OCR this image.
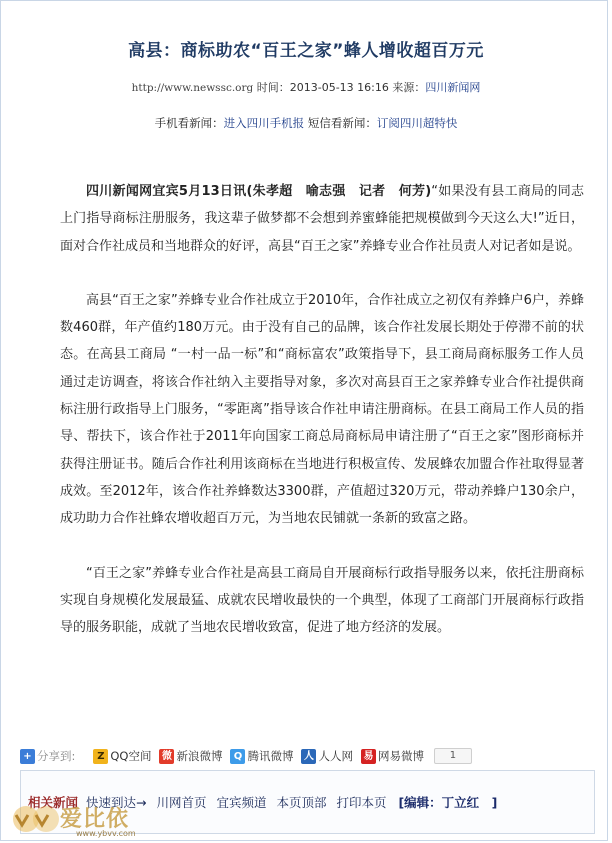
高县：商标助农“百王之家”蜂人增收超百万元
http://www.newssc.org 时间：2013-05-13 16:16 来源：四川新闻网
手机看新闻：进入四川手机报 短信看新闻：订阅四川超特快

四川新闻网宜宾5月13日讯(朱孝超　喻志强　记者　何芳)“如果没有县工商局的同志上门指导商标注册服务，我这辈子做梦都不会想到养蜜蜂能把规模做到今天这么大!”近日，面对合作社成员和当地群众的好评，高县“百王之家”养蜂专业合作社员责人对记者如是说。

高县“百王之家”养蜂专业合作社成立于2010年，合作社成立之初仅有养蜂户6户，养蜂数460群，年产值约180万元。由于没有自己的品牌，该合作社发展长期处于停滞不前的状态。在高县工商局 “一村一品一标”和“商标富农”政策指导下，县工商局商标服务工作人员通过走访调查，将该合作社纳入主要指导对象，多次对高县百王之家养蜂专业合作社提供商标注册行政指导上门服务，“零距离”指导该合作社申请注册商标。在县工商局工作人员的指导、帮扶下，该合作社于2011年向国家工商总局商标局申请注册了“百王之家”图形商标并获得注册证书。随后合作社利用该商标在当地进行积极宣传、发展蜂农加盟合作社取得显著成效。至2012年，该合作社养蜂数达3300群，产值超过320万元，带动养蜂户130余户，成功助力合作社蜂农增收超百万元，为当地农民铺就一条新的致富之路。

“百王之家”养蜂专业合作社是高县工商局自开展商标行政指导服务以来，依托注册商标实现自身规模化发展最猛、成就农民增收最快的一个典型，体现了工商部门开展商标行政指导的服务职能，成就了当地农民增收致富，促进了地方经济的发展。

+ 分享到:	Z QQ空间 微 新浪微博	Q 腾讯微博 人 人人网 易 网易微博	1
相关新闻 快速到达→ 川网首页 宜宾频道 本页顶部 打印本页 [编辑：丁立红　]
爱比依
www.ybvv.com
